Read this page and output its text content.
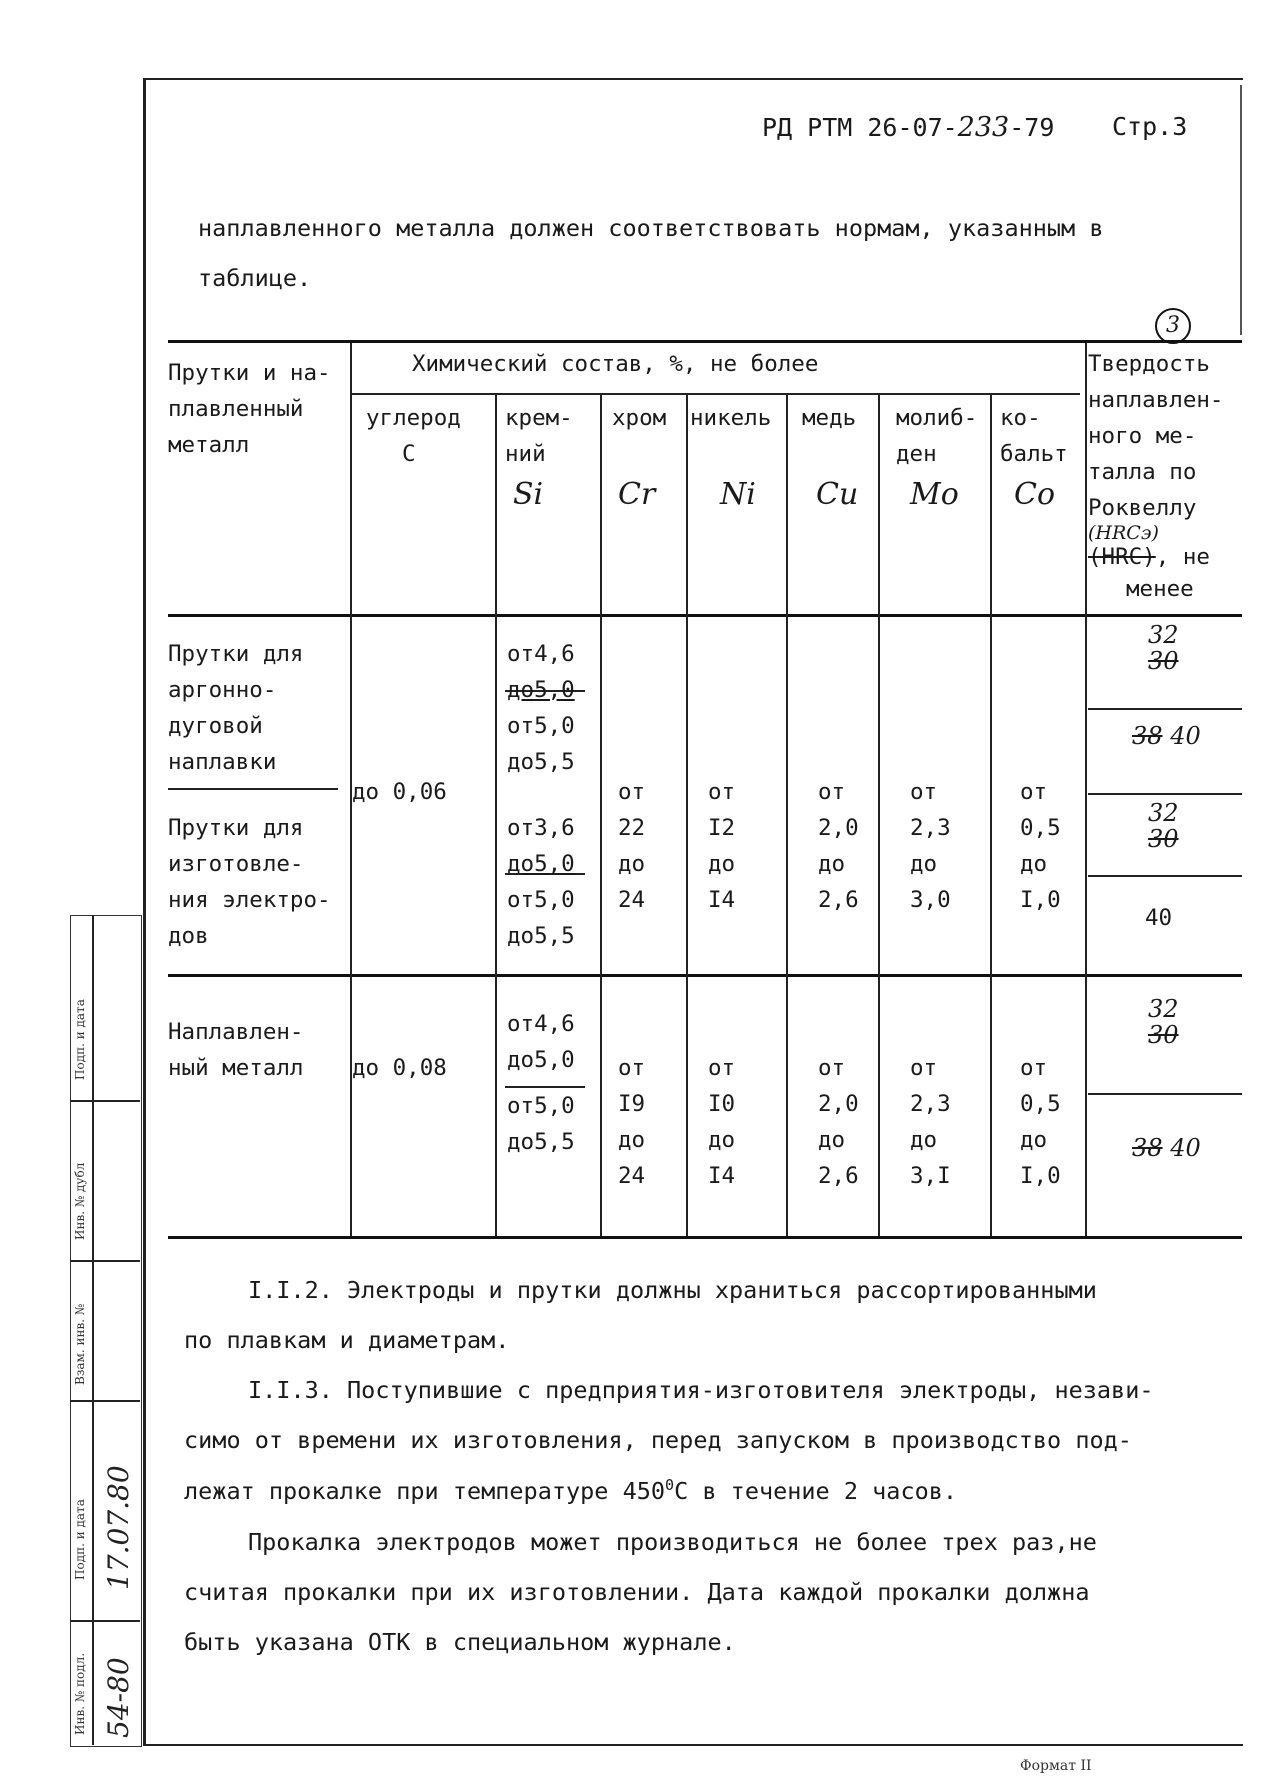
РД РТМ 26-07-233-79 Стр.3
наплавленного металла должен соответствовать нормам, указанным в
таблице.
3
Прутки и на-
плавленный
металл
Химический состав, %, не более	Твердость
наплавлен-
ного ме-
талла по
Роквеллу
(HRCэ)
(HRC), не
менее
углерод
C
крем-
ний
Si
хром
Cr
никель
Ni
медь
Cu
молиб-
ден
Mo
ко-
бальт
Co
Прутки для
аргонно-
дуговой
наплавки
Прутки для
изготовле-
ния электро-
дов
до 0,06
от4,6
до5,0
от5,0
до5,5
от3,6
до5,0
от5,0
до5,5
от
22
до
24
от
I2
до
I4
от
2,0
до
2,6
от
2,3
до
3,0
от
0,5
до
I,0
32
30
38 40
32
30
40
Наплавлен-
ный металл до 0,08
от4,6
до5,0
от5,0
до5,5
от
I9
до
24
от
I0
до
I4
от
2,0
до
2,6
от
2,3
до
3,I
от
0,5
до
I,0
32
30
38 40
I.I.2. Электроды и прутки должны храниться рассортированными
по плавкам и диаметрам.
I.I.3. Поступившие с предприятия-изготовителя электроды, незави-
симо от времени их изготовления, перед запуском в производство под-
лежат прокалке при температуре $450^0С$ в течение 2 часов.
Прокалка электродов может производиться не более трех раз,не
считая прокалки при их изготовлении. Дата каждой прокалки должна
быть указана ОТК в специальном журнале.
Подп. и дата
Инв. № дубл
Взам. инв. №
Подп. и дата
Инв. № подл.
17.07.80
54-80
Формат II
